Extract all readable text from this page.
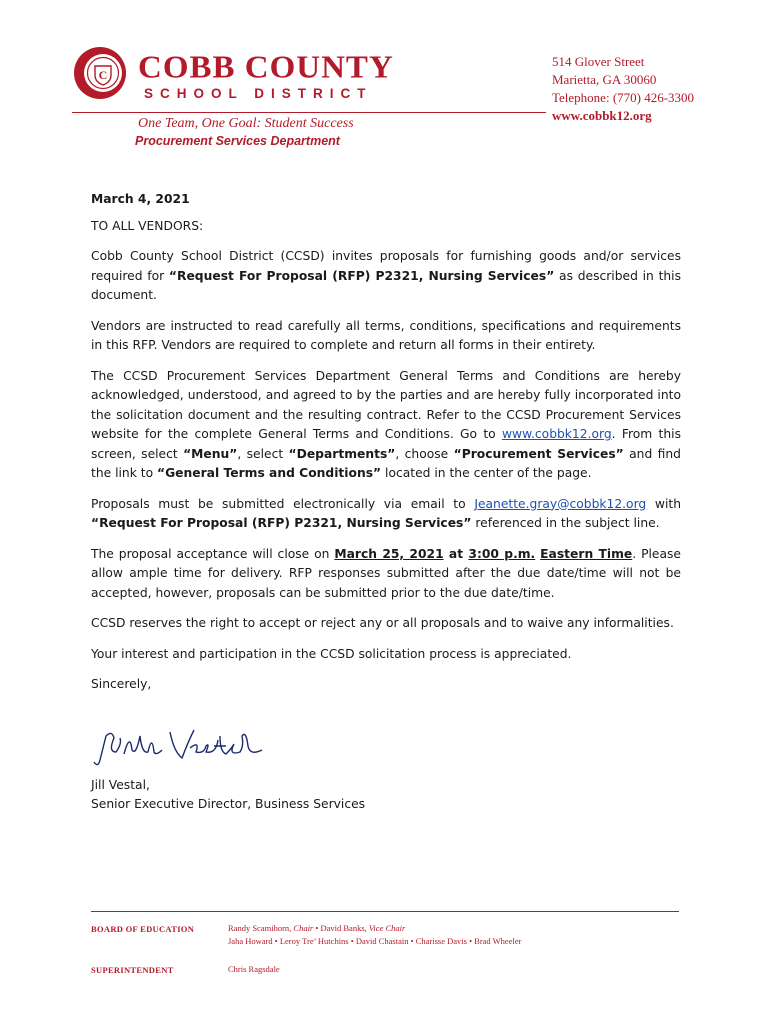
C COBB COUNTY
SCHOOL DISTRICT
One Team, One Goal: Student Success
Procurement Services Department
514 Glover Street
Marietta, GA 30060
Telephone: (770) 426-3300
www.cobbk12.org

March 4, 2021

TO ALL VENDORS:

Cobb County School District (CCSD) invites proposals for furnishing goods and/or services required for “Request For Proposal (RFP) P2321, Nursing Services” as described in this document.

Vendors are instructed to read carefully all terms, conditions, specifications and requirements in this RFP. Vendors are required to complete and return all forms in their entirety.

The CCSD Procurement Services Department General Terms and Conditions are hereby acknowledged, understood, and agreed to by the parties and are hereby fully incorporated into the solicitation document and the resulting contract. Refer to the CCSD Procurement Services website for the complete General Terms and Conditions. Go to www.cobbk12.org. From this screen, select “Menu”, select “Departments”, choose “Procurement Services” and find the link to “General Terms and Conditions” located in the center of the page.

Proposals must be submitted electronically via email to Jeanette.gray@cobbk12.org with “Request For Proposal (RFP) P2321, Nursing Services” referenced in the subject line.

The proposal acceptance will close on March 25, 2021 at 3:00 p.m. Eastern Time. Please allow ample time for delivery. RFP responses submitted after the due date/time will not be accepted, however, proposals can be submitted prior to the due date/time.

CCSD reserves the right to accept or reject any or all proposals and to waive any informalities.

Your interest and participation in the CCSD solicitation process is appreciated.

Sincerely,

Jill Vestal,
Senior Executive Director, Business Services
BOARD OF EDUCATION	Randy Scamihorn, Chair • David Banks, Vice Chair
Jaha Howard • Leroy Tre’ Hutchins • David Chastain • Charisse Davis • Brad Wheeler
SUPERINTENDENT	Chris Ragsdale
